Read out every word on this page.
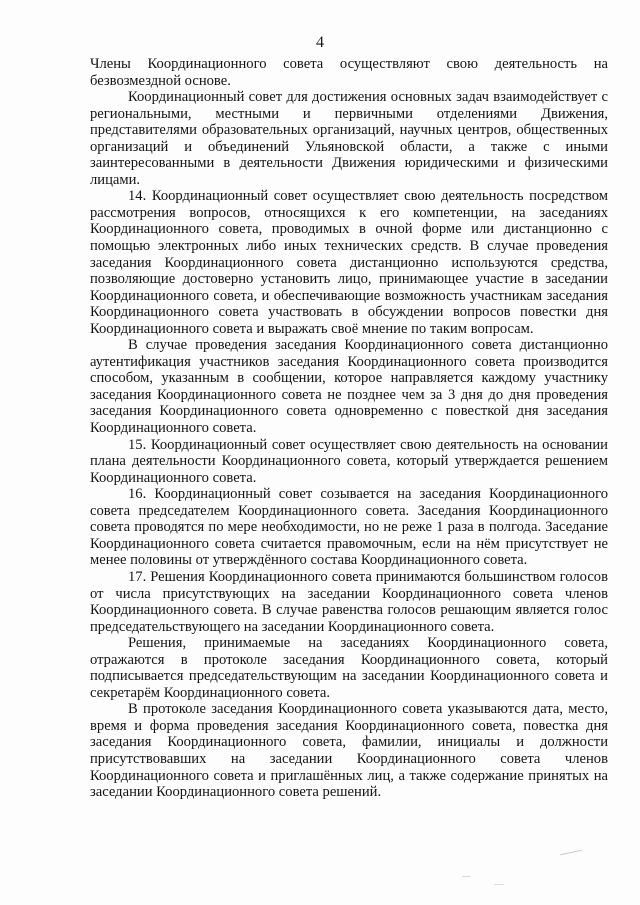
4

Члены Координационного совета осуществляют свою деятельность на безвозмездной основе.

Координационный совет для достижения основных задач взаимодействует с региональными, местными и первичными отделениями Движения, представителями образовательных организаций, научных центров, общественных организаций и объединений Ульяновской области, а также с иными заинтересованными в деятельности Движения юридическими и физическими лицами.

14. Координационный совет осуществляет свою деятельность посредством рассмотрения вопросов, относящихся к его компетенции, на заседаниях Координационного совета, проводимых в очной форме или дистанционно с помощью электронных либо иных технических средств. В случае проведения заседания Координационного совета дистанционно используются средства, позволяющие достоверно установить лицо, принимающее участие в заседании Координационного совета, и обеспечивающие возможность участникам заседания Координационного совета участвовать в обсуждении вопросов повестки дня Координационного совета и выражать своё мнение по таким вопросам.

В случае проведения заседания Координационного совета дистанционно аутентификация участников заседания Координационного совета производится способом, указанным в сообщении, которое направляется каждому участнику заседания Координационного совета не позднее чем за 3 дня до дня проведения заседания Координационного совета одновременно с повесткой дня заседания Координационного совета.

15. Координационный совет осуществляет свою деятельность на основании плана деятельности Координационного совета, который утверждается решением Координационного совета.

16. Координационный совет созывается на заседания Координационного совета председателем Координационного совета. Заседания Координационного совета проводятся по мере необходимости, но не реже 1 раза в полгода. Заседание Координационного совета считается правомочным, если на нём присутствует не менее половины от утверждённого состава Координационного совета.

17. Решения Координационного совета принимаются большинством голосов от числа присутствующих на заседании Координационного совета членов Координационного совета. В случае равенства голосов решающим является голос председательствующего на заседании Координационного совета.

Решения, принимаемые на заседаниях Координационного совета, отражаются в протоколе заседания Координационного совета, который подписывается председательствующим на заседании Координационного совета и секретарём Координационного совета.

В протоколе заседания Координационного совета указываются дата, место, время и форма проведения заседания Координационного совета, повестка дня заседания Координационного совета, фамилии, инициалы и должности присутствовавших на заседании Координационного совета членов Координационного совета и приглашённых лиц, а также содержание принятых на заседании Координационного совета решений.
